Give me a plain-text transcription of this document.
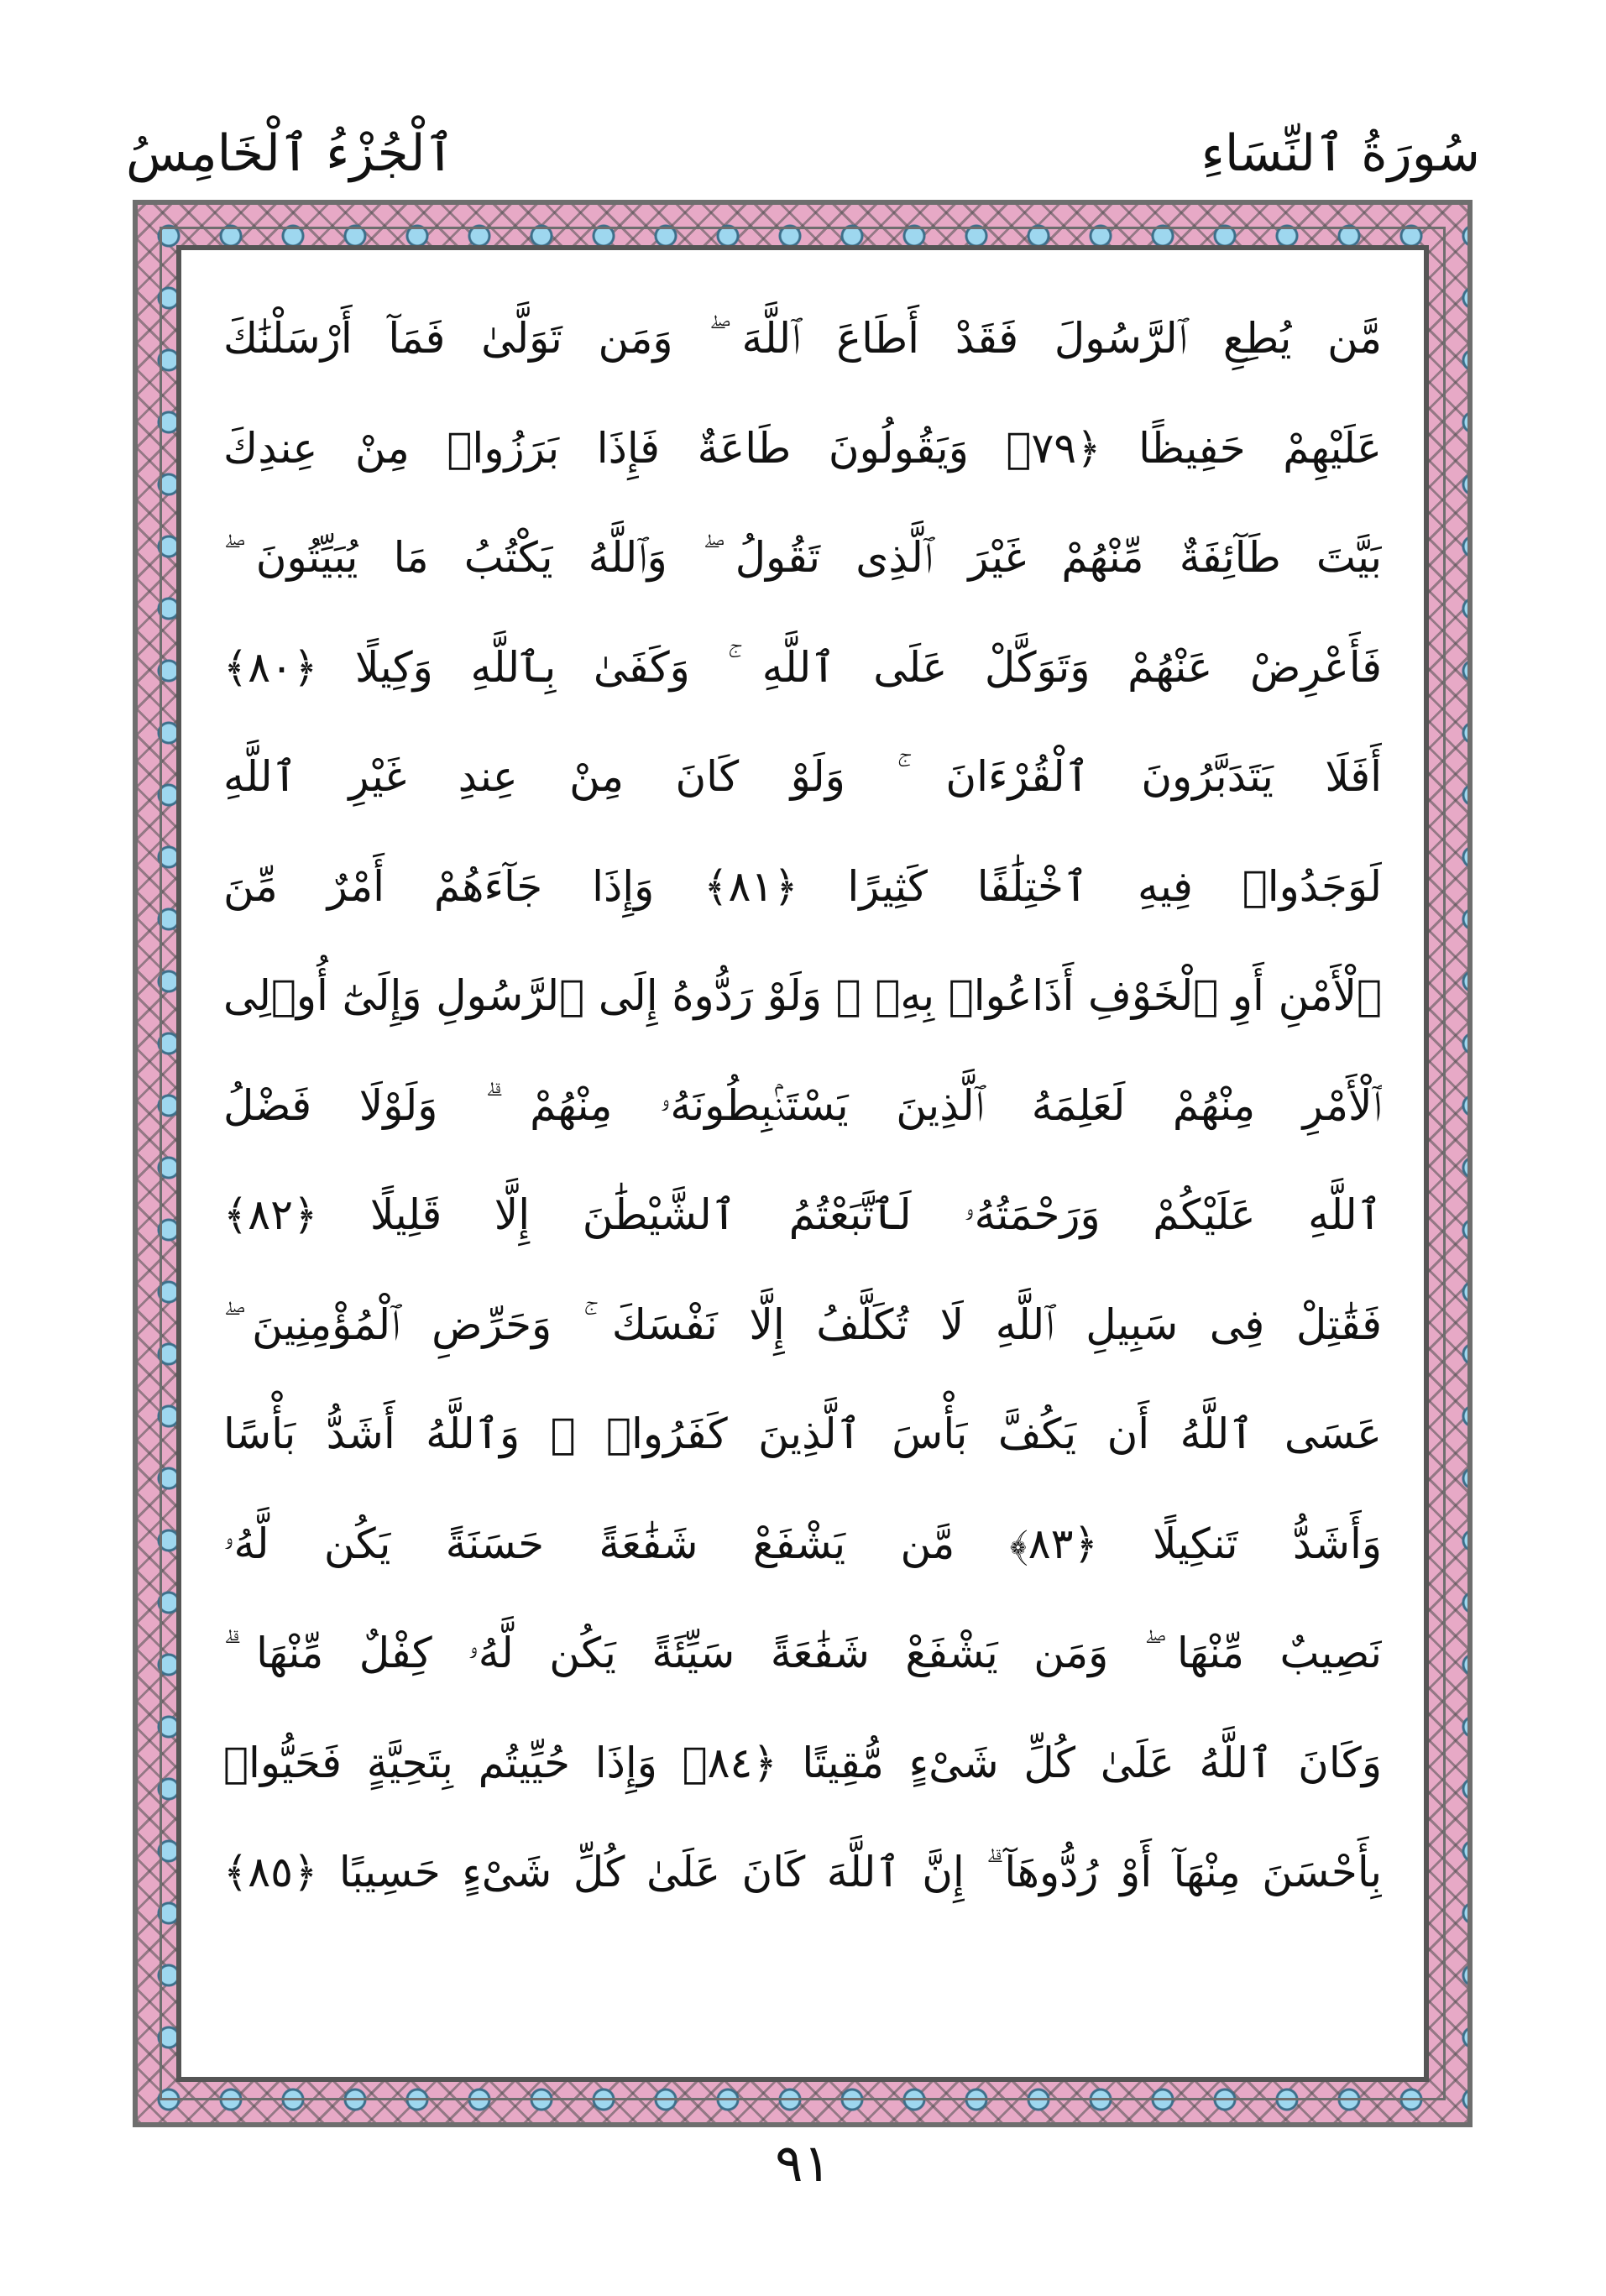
ٱلْجُزْءُ ٱلْخَامِسُ	سُورَةُ ٱلنِّسَاءِ
مَّن يُطِعِ ٱلرَّسُولَ فَقَدْ أَطَاعَ ٱللَّهَ ۖ وَمَن تَوَلَّىٰ فَمَآ أَرْسَلْنَٰكَ
عَلَيْهِمْ حَفِيظًا ﴿٧٩﴾ وَيَقُولُونَ طَاعَةٌ فَإِذَا بَرَزُوا۟ مِنْ عِندِكَ
بَيَّتَ طَآئِفَةٌ مِّنْهُمْ غَيْرَ ٱلَّذِى تَقُولُ ۖ وَٱللَّهُ يَكْتُبُ مَا يُبَيِّتُونَ ۖ
فَأَعْرِضْ عَنْهُمْ وَتَوَكَّلْ عَلَى ٱللَّهِ ۚ وَكَفَىٰ بِٱللَّهِ وَكِيلًا ﴿٨٠﴾
أَفَلَا يَتَدَبَّرُونَ ٱلْقُرْءَانَ ۚ وَلَوْ كَانَ مِنْ عِندِ غَيْرِ ٱللَّهِ
لَوَجَدُوا۟ فِيهِ ٱخْتِلَٰفًا كَثِيرًا ﴿٨١﴾ وَإِذَا جَآءَهُمْ أَمْرٌ مِّنَ
ٱلْأَمْنِ أَوِ ٱلْخَوْفِ أَذَاعُوا۟ بِهِۦ ۖ وَلَوْ رَدُّوهُ إِلَى ٱلرَّسُولِ وَإِلَىٰٓ أُو۟لِى
ٱلْأَمْرِ مِنْهُمْ لَعَلِمَهُ ٱلَّذِينَ يَسْتَنۢبِطُونَهُۥ مِنْهُمْ ۗ وَلَوْلَا فَضْلُ
ٱللَّهِ عَلَيْكُمْ وَرَحْمَتُهُۥ لَٱتَّبَعْتُمُ ٱلشَّيْطَٰنَ إِلَّا قَلِيلًا ﴿٨٢﴾
فَقَٰتِلْ فِى سَبِيلِ ٱللَّهِ لَا تُكَلَّفُ إِلَّا نَفْسَكَ ۚ وَحَرِّضِ ٱلْمُؤْمِنِينَ ۖ
عَسَى ٱللَّهُ أَن يَكُفَّ بَأْسَ ٱلَّذِينَ كَفَرُوا۟ ۚ وَٱللَّهُ أَشَدُّ بَأْسًا
وَأَشَدُّ تَنكِيلًا ﴿٨٣﴾ مَّن يَشْفَعْ شَفَٰعَةً حَسَنَةً يَكُن لَّهُۥ
نَصِيبٌ مِّنْهَا ۖ وَمَن يَشْفَعْ شَفَٰعَةً سَيِّئَةً يَكُن لَّهُۥ كِفْلٌ مِّنْهَا ۗ
وَكَانَ ٱللَّهُ عَلَىٰ كُلِّ شَىْءٍ مُّقِيتًا ﴿٨٤﴾ وَإِذَا حُيِّيتُم بِتَحِيَّةٍ فَحَيُّوا۟
بِأَحْسَنَ مِنْهَآ أَوْ رُدُّوهَآ ۗ إِنَّ ٱللَّهَ كَانَ عَلَىٰ كُلِّ شَىْءٍ حَسِيبًا ﴿٨٥﴾
٩١
